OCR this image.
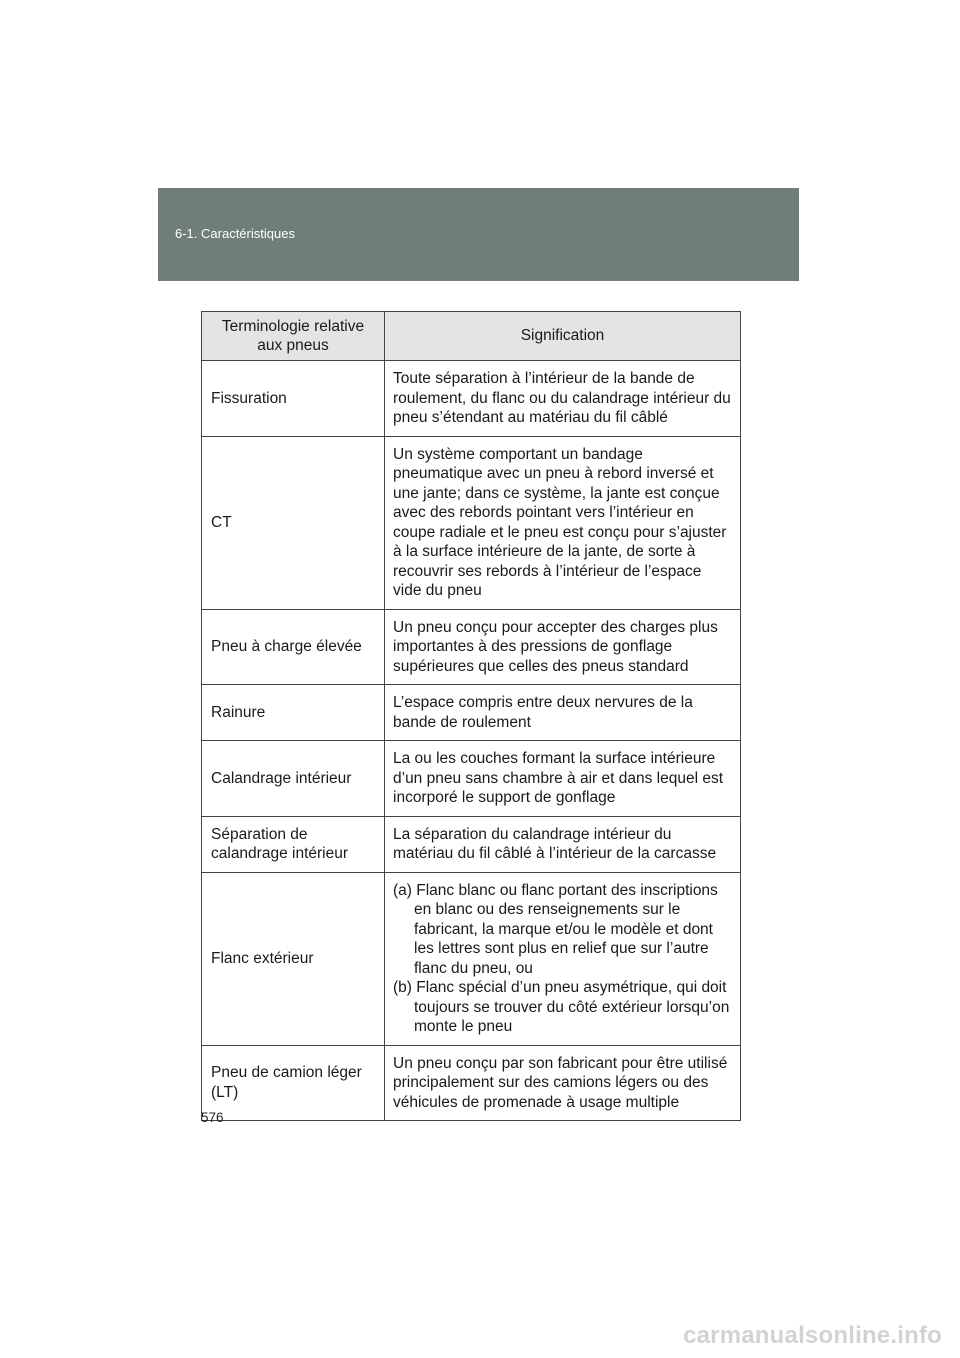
6-1. Caractéristiques
Terminologie relative aux pneus	Signification
Fissuration	Toute séparation à l’intérieur de la bande de roulement, du flanc ou du calandrage intérieur du pneu s’étendant au matériau du fil câblé
CT	Un système comportant un bandage pneumatique avec un pneu à rebord inversé et une jante; dans ce système, la jante est conçue avec des rebords pointant vers l’intérieur en coupe radiale et le pneu est conçu pour s’ajuster à la surface intérieure de la jante, de sorte à recouvrir ses rebords à l’intérieur de l’espace vide du pneu
Pneu à charge élevée	Un pneu conçu pour accepter des charges plus importantes à des pressions de gonflage supérieures que celles des pneus standard
Rainure	L’espace compris entre deux nervures de la bande de roulement
Calandrage intérieur	La ou les couches formant la surface intérieure d’un pneu sans chambre à air et dans lequel est incorporé le support de gonflage
Séparation de calandrage intérieur	La séparation du calandrage intérieur du matériau du fil câblé à l’intérieur de la carcasse
Flanc extérieur	(a) Flanc blanc ou flanc portant des inscriptions en blanc ou des renseignements sur le fabricant, la marque et/ou le modèle et dont les lettres sont plus en relief que sur l’autre flanc du pneu, ou
(b) Flanc spécial d’un pneu asymétrique, qui doit toujours se trouver du côté extérieur lorsqu’on monte le pneu

Pneu de camion léger (LT)	Un pneu conçu par son fabricant pour être utilisé principalement sur des camions légers ou des véhicules de promenade à usage multiple
576
carmanualsonline.info
